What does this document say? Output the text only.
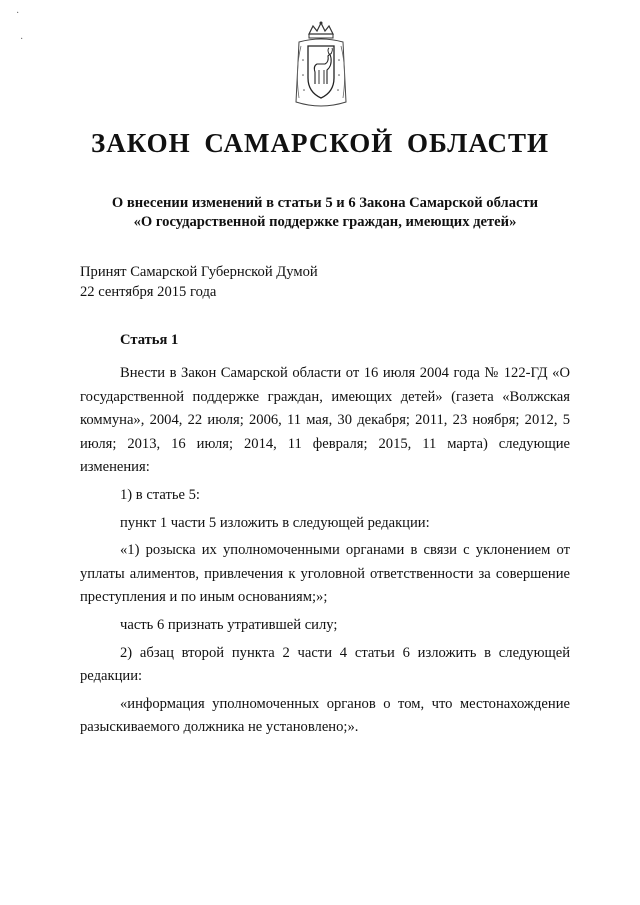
·
·
ЗАКОН САМАРСКОЙ ОБЛАСТИ
О внесении изменений в статьи 5 и 6 Закона Самарской области
«О государственной поддержке граждан, имеющих детей»
Принят Самарской Губернской Думой
22 сентября 2015 года
Статья 1

Внести в Закон Самарской области от 16 июля 2004 года № 122-ГД «О государственной поддержке граждан, имеющих детей» (газета «Волжская коммуна», 2004, 22 июля; 2006, 11 мая, 30 декабря; 2011, 23 ноября; 2012, 5 июля; 2013, 16 июля; 2014, 11 февраля; 2015, 11 марта) следующие изменения:

1) в статье 5:

пункт 1 части 5 изложить в следующей редакции:

«1) розыска их уполномоченными органами в связи с уклонением от уплаты алиментов, привлечения к уголовной ответственности за совершение преступления и по иным основаниям;»;

часть 6 признать утратившей силу;

2) абзац второй пункта 2 части 4 статьи 6 изложить в следующей редакции:

«информация уполномоченных органов о том, что местонахождение разыскиваемого должника не установлено;».
